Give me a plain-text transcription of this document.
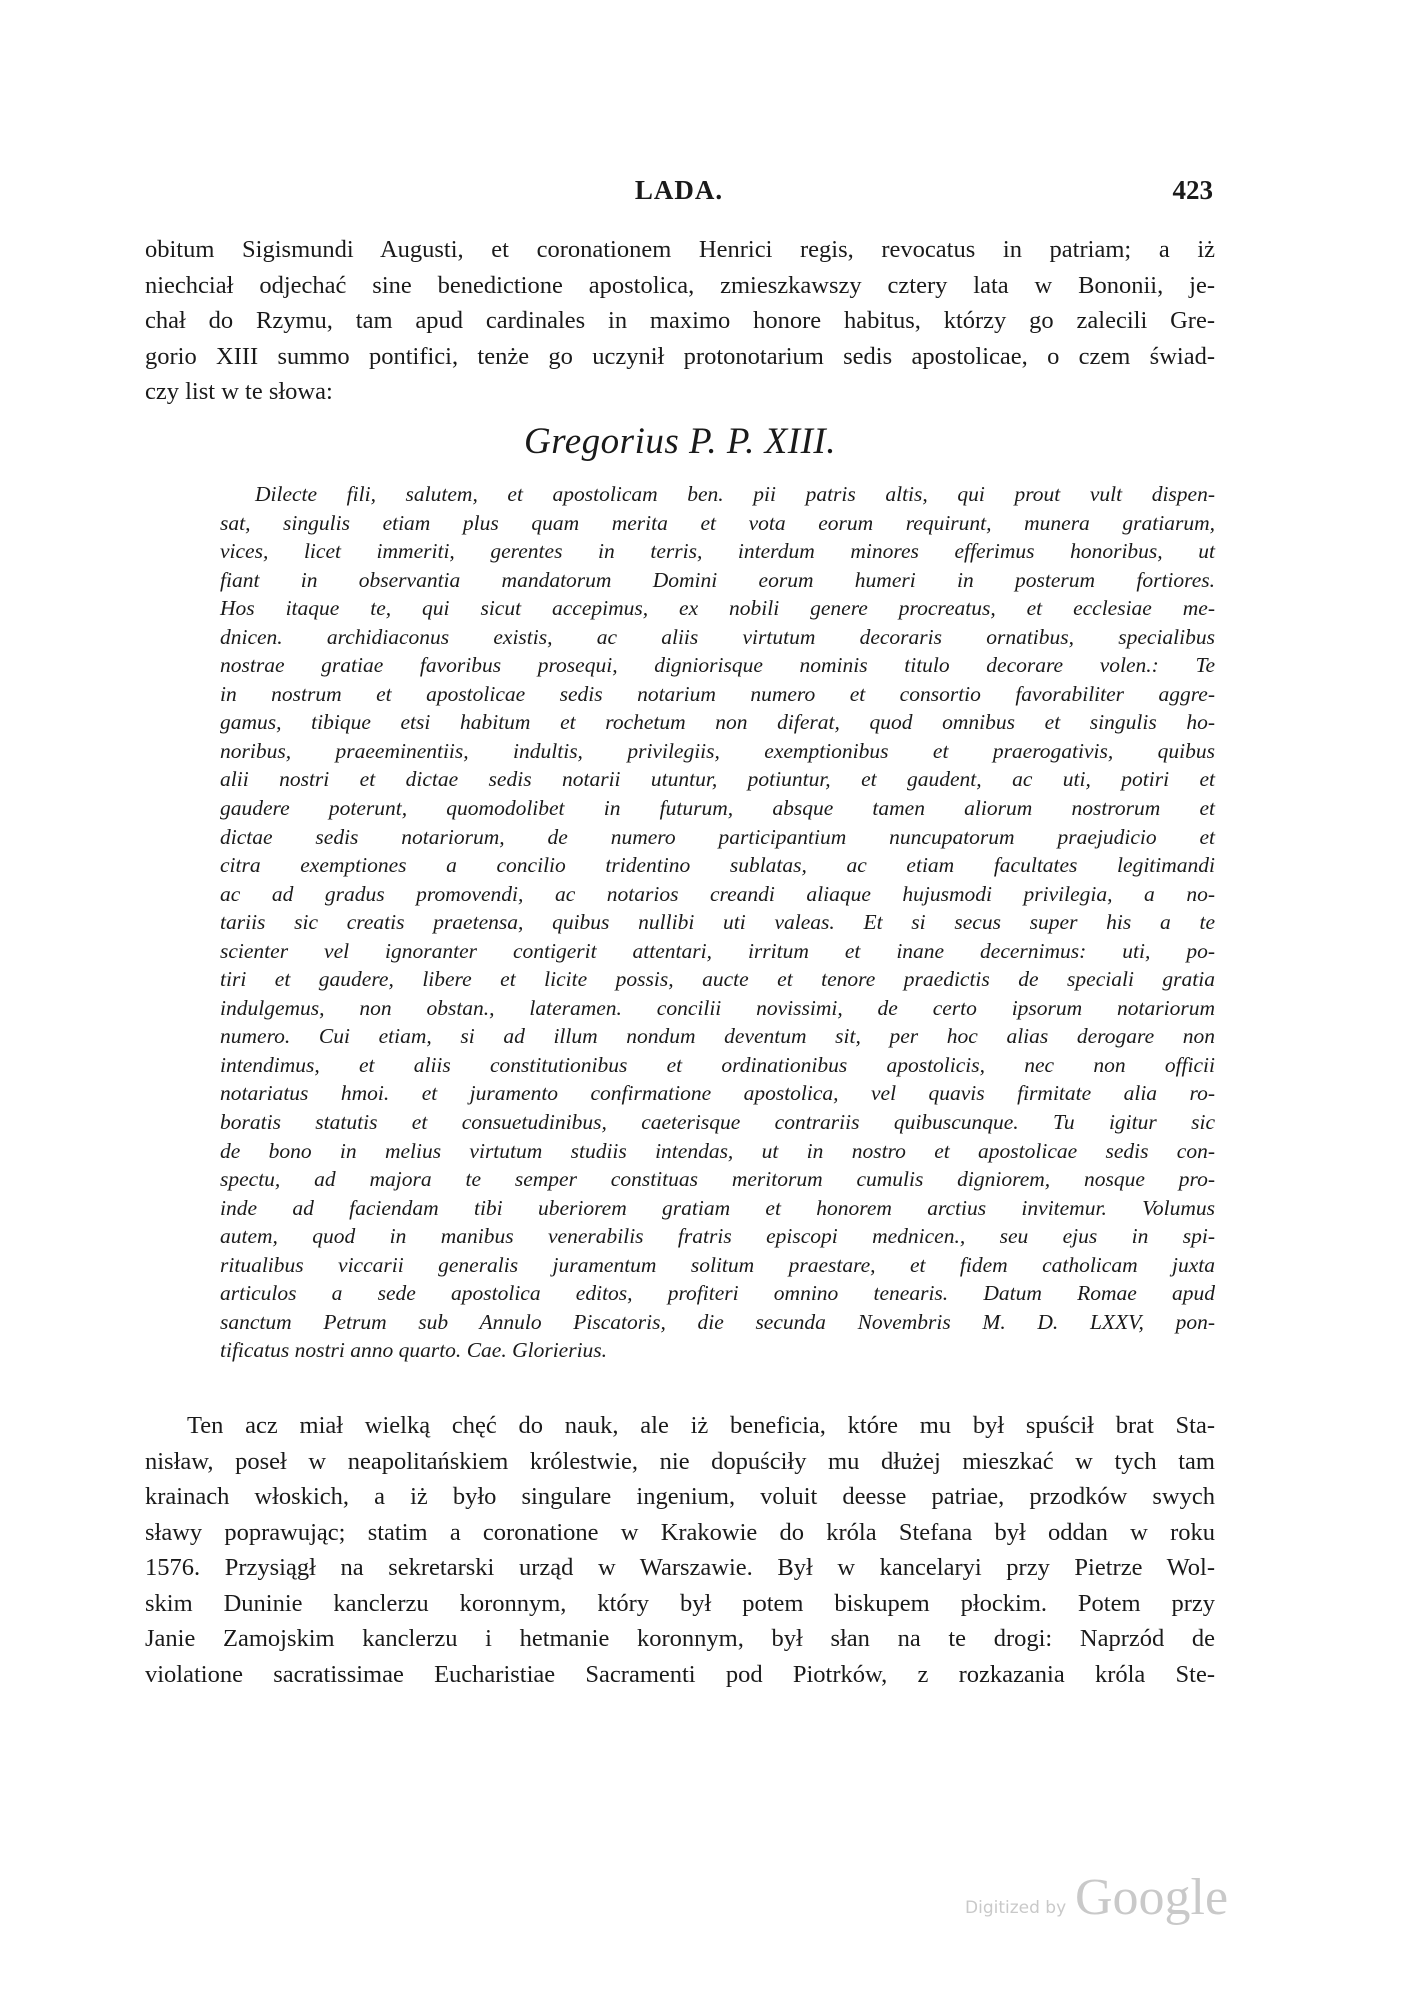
LADA.	423
obitum Sigismundi Augusti, et coronationem Henrici regis, revocatus in patriam; a iż
niechciał odjechać sine benedictione apostolica, zmieszkawszy cztery lata w Bononii, je-
chał do Rzymu, tam apud cardinales in maximo honore habitus, którzy go zalecili Gre-
gorio XIII summo pontifici, tenże go uczynił protonotarium sedis apostolicae, o czem świad-
czy list w te słowa:
Gregorius P. P. XIII.
Dilecte fili, salutem, et apostolicam ben. pii patris altis, qui prout vult dispen-
sat, singulis etiam plus quam merita et vota eorum requirunt, munera gratiarum,
vices, licet immeriti, gerentes in terris, interdum minores efferimus honoribus, ut
fiant in observantia mandatorum Domini eorum humeri in posterum fortiores.
Hos itaque te, qui sicut accepimus, ex nobili genere procreatus, et ecclesiae me-
dnicen. archidiaconus existis, ac aliis virtutum decoraris ornatibus, specialibus
nostrae gratiae favoribus prosequi, digniorisque nominis titulo decorare volen.: Te
in nostrum et apostolicae sedis notarium numero et consortio favorabiliter aggre-
gamus, tibique etsi habitum et rochetum non diferat, quod omnibus et singulis ho-
noribus, praeeminentiis, indultis, privilegiis, exemptionibus et praerogativis, quibus
alii nostri et dictae sedis notarii utuntur, potiuntur, et gaudent, ac uti, potiri et
gaudere poterunt, quomodolibet in futurum, absque tamen aliorum nostrorum et
dictae sedis notariorum, de numero participantium nuncupatorum praejudicio et
citra exemptiones a concilio tridentino sublatas, ac etiam facultates legitimandi
ac ad gradus promovendi, ac notarios creandi aliaque hujusmodi privilegia, a no-
tariis sic creatis praetensa, quibus nullibi uti valeas. Et si secus super his a te
scienter vel ignoranter contigerit attentari, irritum et inane decernimus: uti, po-
tiri et gaudere, libere et licite possis, aucte et tenore praedictis de speciali gratia
indulgemus, non obstan., lateramen. concilii novissimi, de certo ipsorum notariorum
numero. Cui etiam, si ad illum nondum deventum sit, per hoc alias derogare non
intendimus, et aliis constitutionibus et ordinationibus apostolicis, nec non officii
notariatus hmoi. et juramento confirmatione apostolica, vel quavis firmitate alia ro-
boratis statutis et consuetudinibus, caeterisque contrariis quibuscunque. Tu igitur sic
de bono in melius virtutum studiis intendas, ut in nostro et apostolicae sedis con-
spectu, ad majora te semper constituas meritorum cumulis digniorem, nosque pro-
inde ad faciendam tibi uberiorem gratiam et honorem arctius invitemur. Volumus
autem, quod in manibus venerabilis fratris episcopi mednicen., seu ejus in spi-
ritualibus viccarii generalis juramentum solitum praestare, et fidem catholicam juxta
articulos a sede apostolica editos, profiteri omnino tenearis. Datum Romae apud
sanctum Petrum sub Annulo Piscatoris, die secunda Novembris M. D. LXXV, pon-
tificatus nostri anno quarto. Cae. Glorierius.
Ten acz miał wielką chęć do nauk, ale iż beneficia, które mu był spuścił brat Sta-
nisław, poseł w neapolitańskiem królestwie, nie dopuściły mu dłużej mieszkać w tych tam
krainach włoskich, a iż było singulare ingenium, voluit deesse patriae, przodków swych
sławy poprawując; statim a coronatione w Krakowie do króla Stefana był oddan w roku
1576. Przysiągł na sekretarski urząd w Warszawie. Był w kancelaryi przy Pietrze Wol-
skim Duninie kanclerzu koronnym, który był potem biskupem płockim. Potem przy
Janie Zamojskim kanclerzu i hetmanie koronnym, był słan na te drogi: Naprzód de
violatione sacratissimae Eucharistiae Sacramenti pod Piotrków, z rozkazania króla Ste-
Digitized by Google
